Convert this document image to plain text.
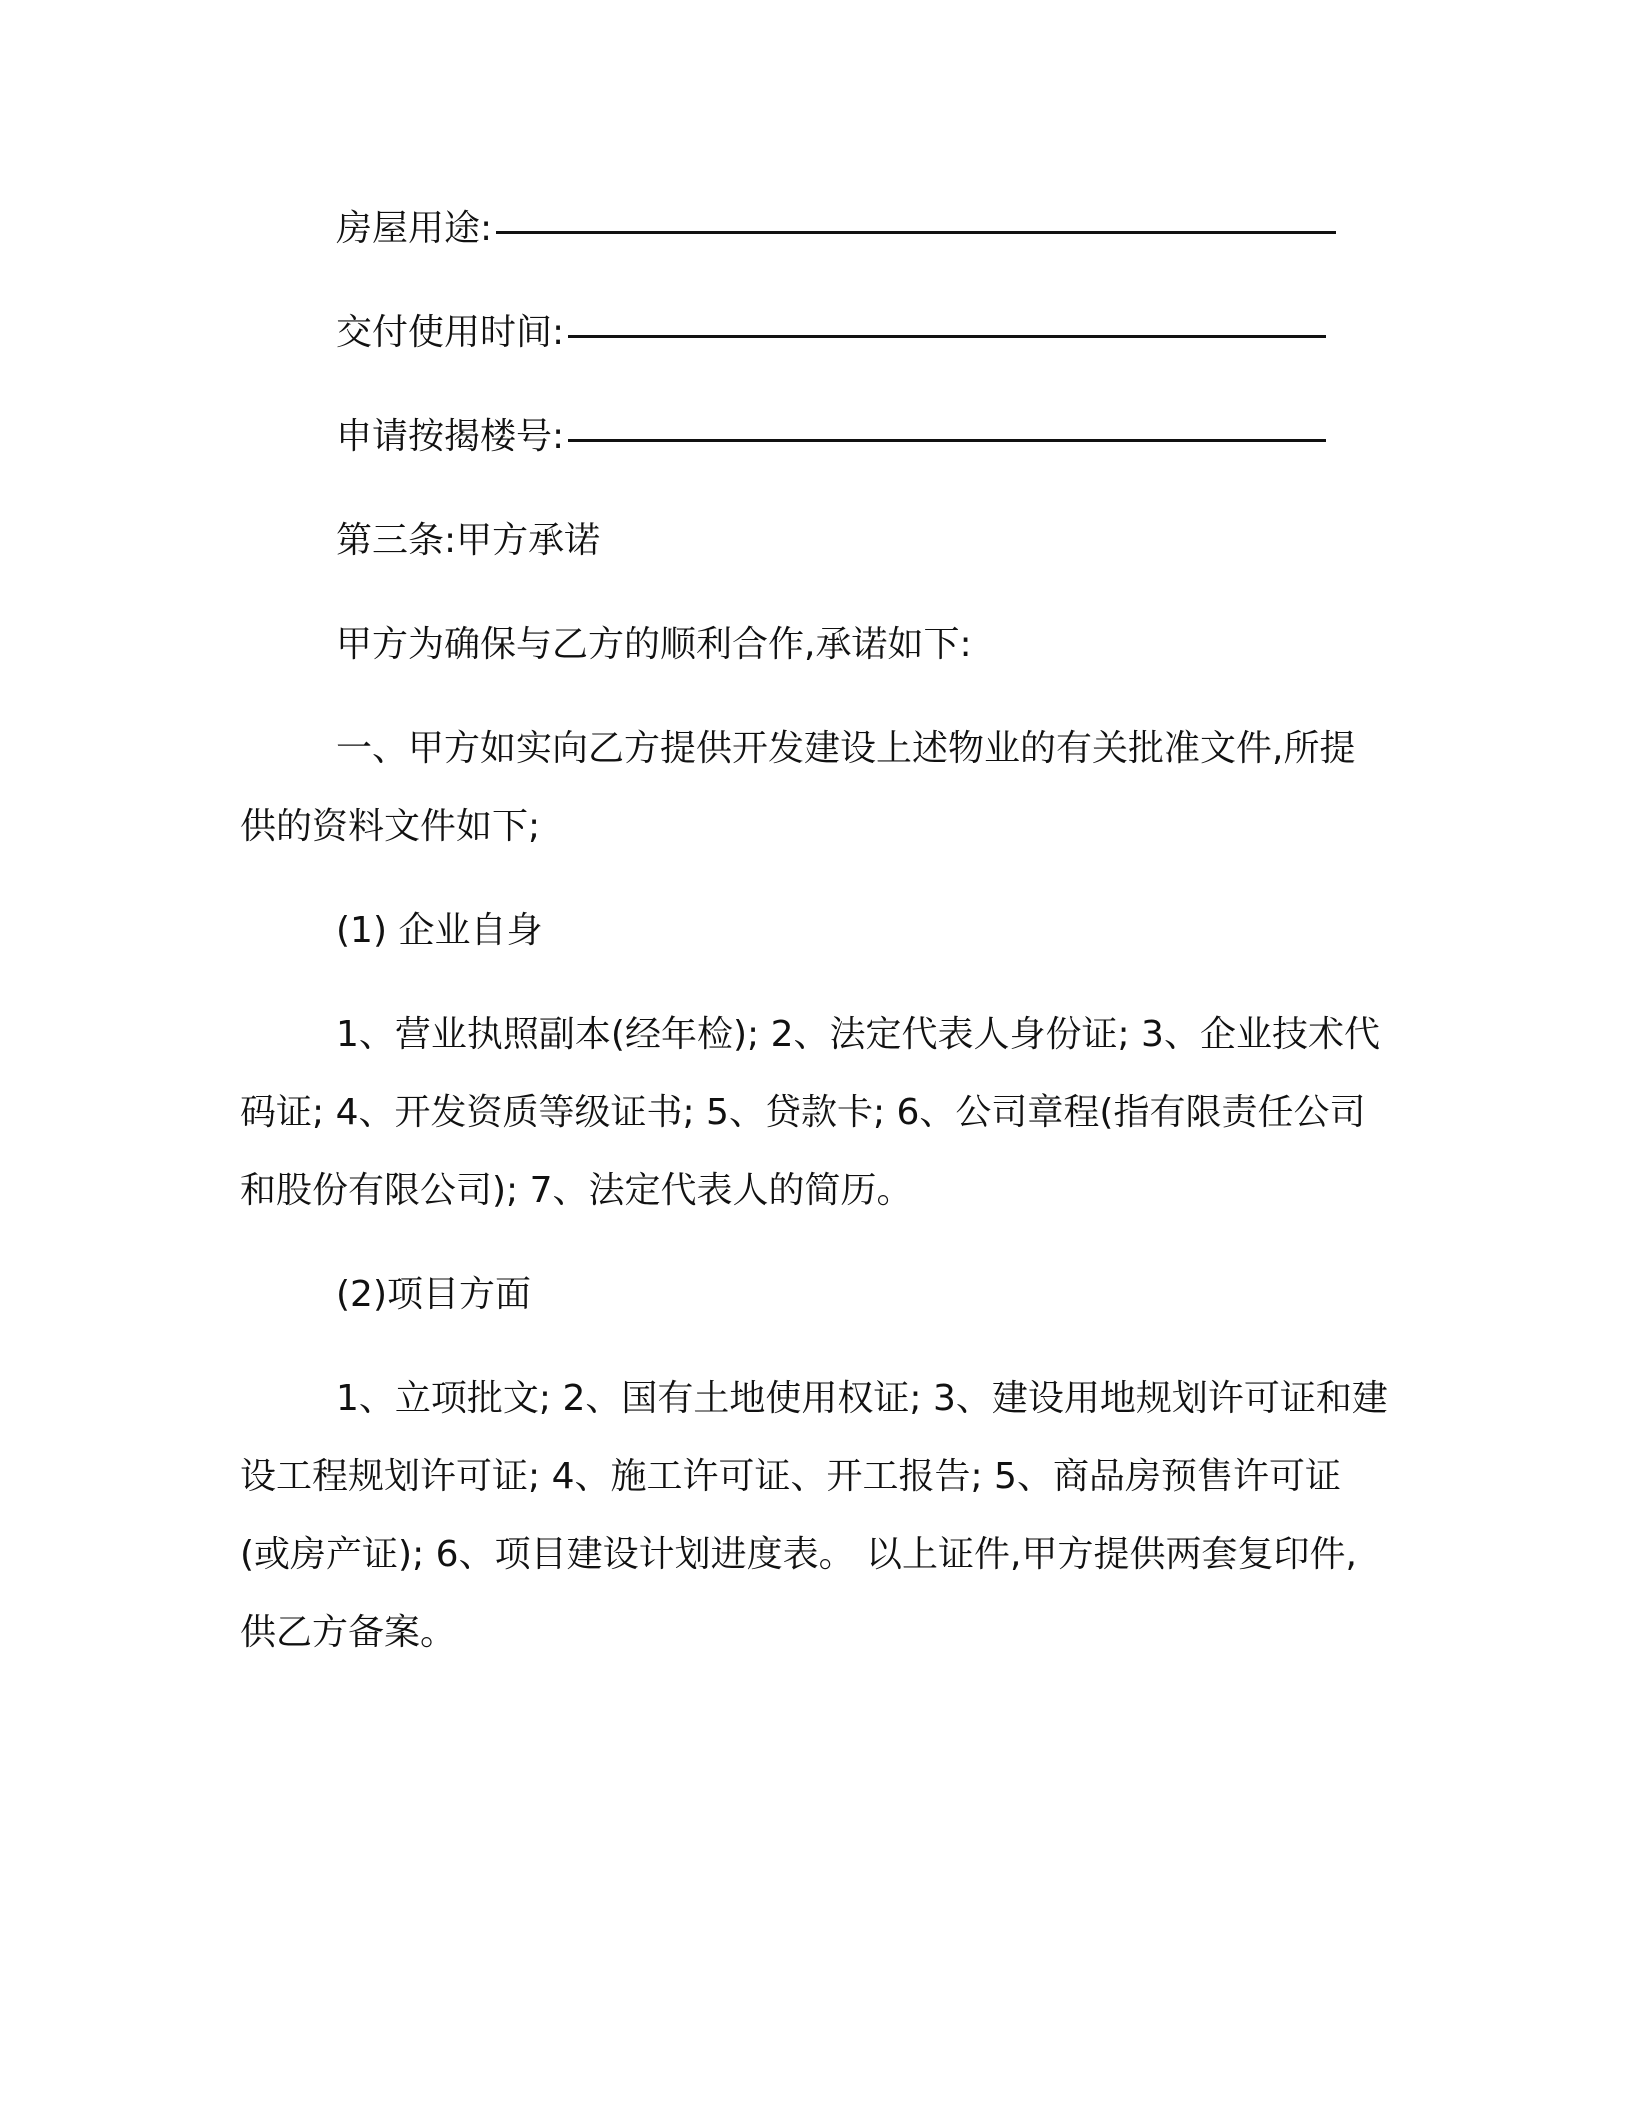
房屋用途:
交付使用时间:
申请按揭楼号:
第三条:甲方承诺
甲方为确保与乙方的顺利合作,承诺如下:

一、甲方如实向乙方提供开发建设上述物业的有关批准文件,所提供的资料文件如下;

(1) 企业自身

1、营业执照副本(经年检); 2、法定代表人身份证; 3、企业技术代码证; 4、开发资质等级证书; 5、贷款卡; 6、公司章程(指有限责任公司和股份有限公司); 7、法定代表人的简历。

(2)项目方面

1、立项批文; 2、国有土地使用权证; 3、建设用地规划许可证和建设工程规划许可证; 4、施工许可证、开工报告; 5、商品房预售许可证(或房产证); 6、项目建设计划进度表。 以上证件,甲方提供两套复印件,供乙方备案。
